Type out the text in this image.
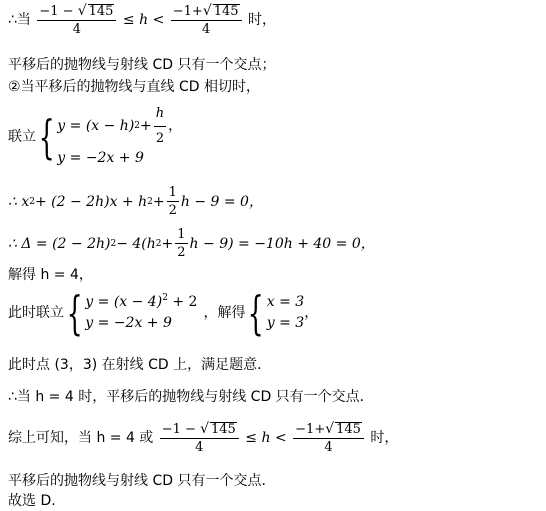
∴当 $\frac{-1 - √ 145}{4} \le h < \frac{-1+√ 145}{4}$ 时，
平移后的抛物线与射线 CD 只有一个交点；
②当平移后的抛物线与直线 CD 相切时，
联立 { y = (x − h) $2 + \frac{h}{2}$ ，
y = −2x + 9
∴ x 2 + (2 − 2h)x + h $2 + \frac{1}{2}$ h − 9 = 0，
∴ Δ = (2 − 2h) 2 − 4(h $2 + \frac{1}{2}$ h − 9) = −10h + 40 = 0，
解得 h = 4，
此时联立 { $y = (x - 4)^2 + 2$
y = −2x + 9
，解得 { x = 3
y = 3
，
此时点 (3，3) 在射线 CD 上，满足题意．
∴当 h = 4 时，平移后的抛物线与射线 CD 只有一个交点．
综上可知，当 h = 4 或 $\frac{-1 - √ 145}{4} \le h < \frac{-1+√ 145}{4}$ 时，
平移后的抛物线与射线 CD 只有一个交点．
故选 D.
